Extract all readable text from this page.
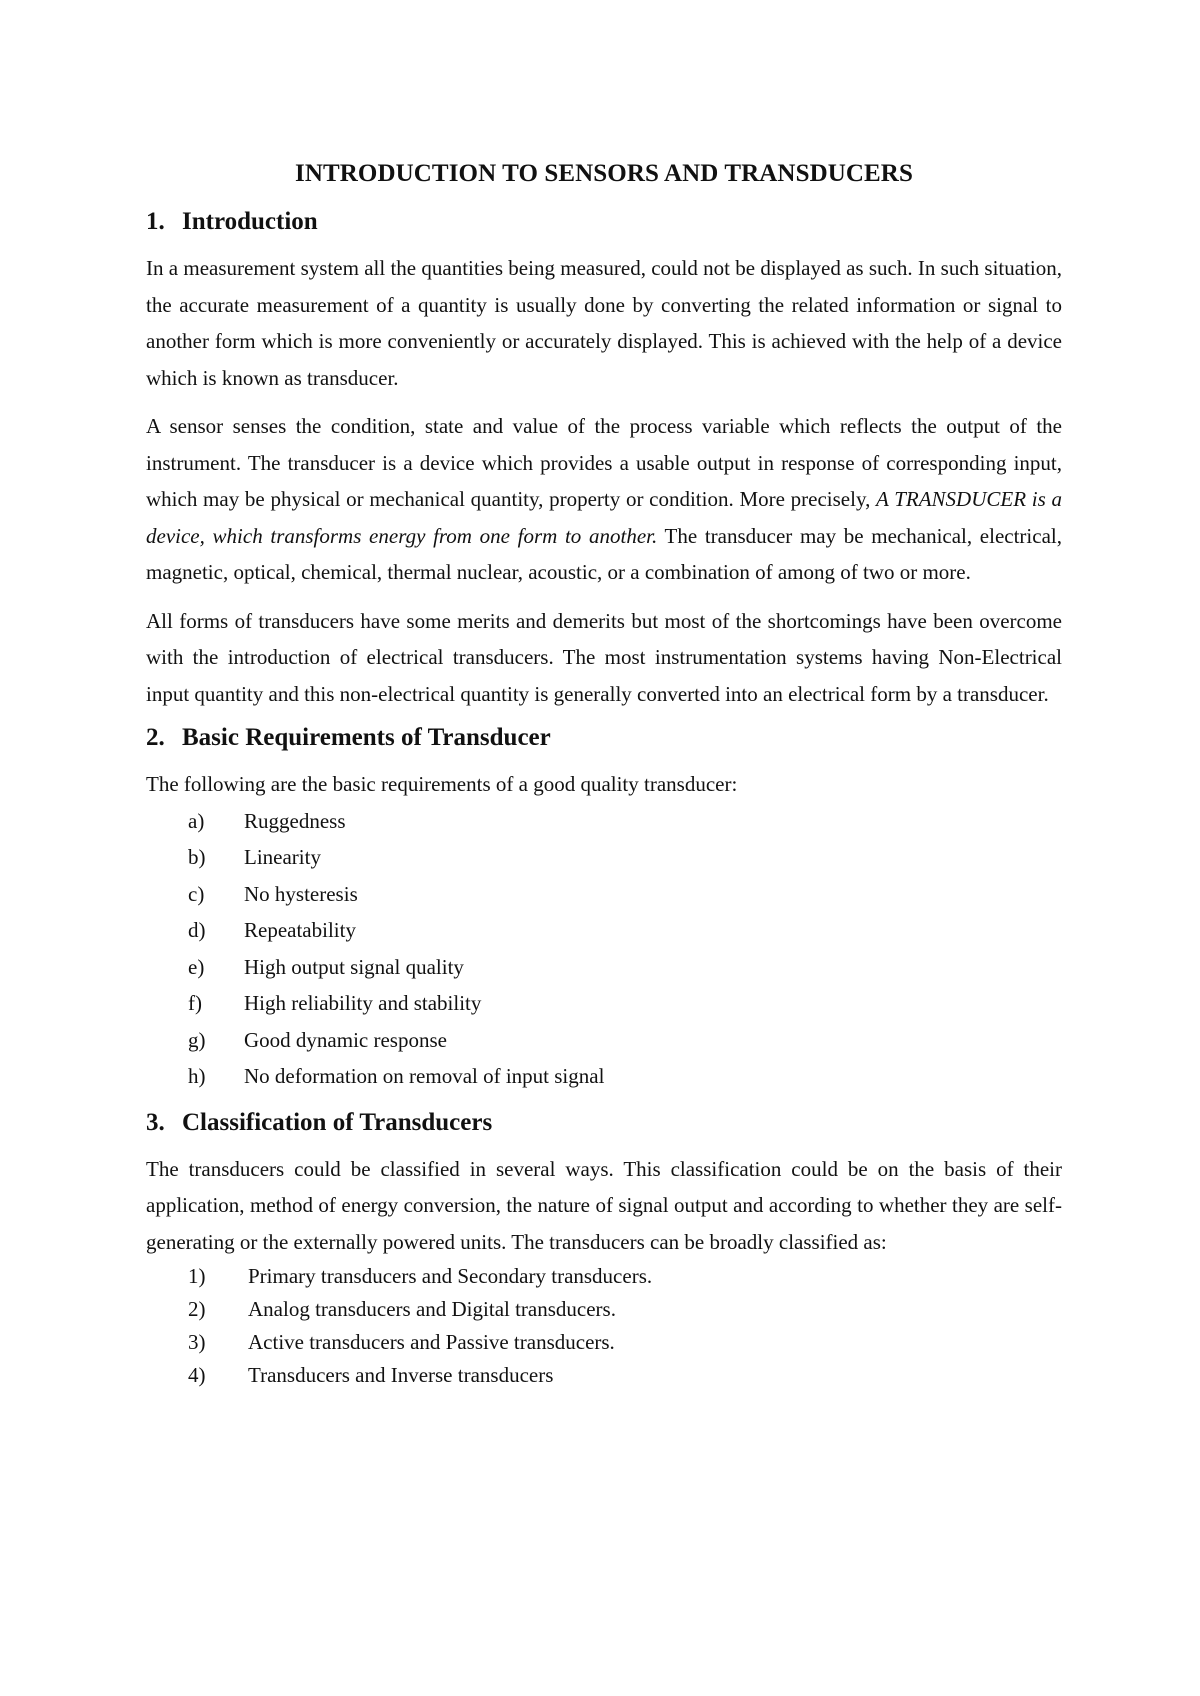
INTRODUCTION TO SENSORS AND TRANSDUCERS
1. Introduction

In a measurement system all the quantities being measured, could not be displayed as such. In such situation, the accurate measurement of a quantity is usually done by converting the related information or signal to another form which is more conveniently or accurately displayed. This is achieved with the help of a device which is known as transducer.

A sensor senses the condition, state and value of the process variable which reflects the output of the instrument. The transducer is a device which provides a usable output in response of corresponding input, which may be physical or mechanical quantity, property or condition. More precisely, A TRANSDUCER is a device, which transforms energy from one form to another. The transducer may be mechanical, electrical, magnetic, optical, chemical, thermal nuclear, acoustic, or a combination of among of two or more.

All forms of transducers have some merits and demerits but most of the shortcomings have been overcome with the introduction of electrical transducers. The most instrumentation systems having Non-Electrical input quantity and this non-electrical quantity is generally converted into an electrical form by a transducer.

2. Basic Requirements of Transducer

The following are the basic requirements of a good quality transducer:

a)	Ruggedness
b)	Linearity
c)	No hysteresis
d)	Repeatability
e)	High output signal quality
f)	High reliability and stability
g)	Good dynamic response
h)	No deformation on removal of input signal
3. Classification of Transducers

The transducers could be classified in several ways. This classification could be on the basis of their application, method of energy conversion, the nature of signal output and according to whether they are self-generating or the externally powered units. The transducers can be broadly classified as:

1)	Primary transducers and Secondary transducers.
2)	Analog transducers and Digital transducers.
3)	Active transducers and Passive transducers.
4)	Transducers and Inverse transducers
